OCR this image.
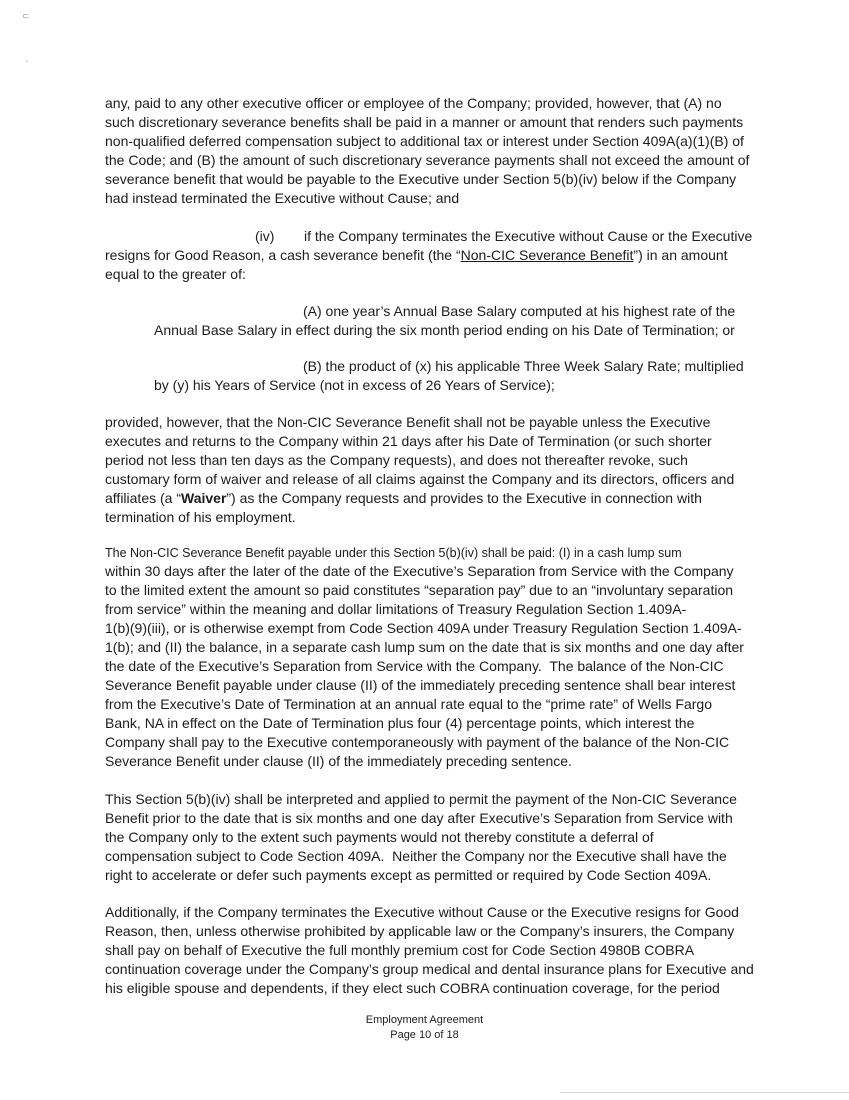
⊂
•
any, paid to any other executive officer or employee of the Company; provided, however, that (A) no
such discretionary severance benefits shall be paid in a manner or amount that renders such payments
non-qualified deferred compensation subject to additional tax or interest under Section 409A(a)(1)(B) of
the Code; and (B) the amount of such discretionary severance payments shall not exceed the amount of
severance benefit that would be payable to the Executive under Section 5(b)(iv) below if the Company
had instead terminated the Executive without Cause; and
(iv) if the Company terminates the Executive without Cause or the Executive
resigns for Good Reason, a cash severance benefit (the “Non-CIC Severance Benefit”) in an amount
equal to the greater of:
(A) one year’s Annual Base Salary computed at his highest rate of the
Annual Base Salary in effect during the six month period ending on his Date of Termination; or
(B) the product of (x) his applicable Three Week Salary Rate; multiplied
by (y) his Years of Service (not in excess of 26 Years of Service);
provided, however, that the Non-CIC Severance Benefit shall not be payable unless the Executive
executes and returns to the Company within 21 days after his Date of Termination (or such shorter
period not less than ten days as the Company requests), and does not thereafter revoke, such
customary form of waiver and release of all claims against the Company and its directors, officers and
affiliates (a “Waiver”) as the Company requests and provides to the Executive in connection with
termination of his employment.
The Non-CIC Severance Benefit payable under this Section 5(b)(iv) shall be paid: (I) in a cash lump sum
within 30 days after the later of the date of the Executive’s Separation from Service with the Company
to the limited extent the amount so paid constitutes “separation pay” due to an “involuntary separation
from service” within the meaning and dollar limitations of Treasury Regulation Section 1.409A-
1(b)(9)(iii), or is otherwise exempt from Code Section 409A under Treasury Regulation Section 1.409A-
1(b); and (II) the balance, in a separate cash lump sum on the date that is six months and one day after
the date of the Executive’s Separation from Service with the Company.  The balance of the Non-CIC
Severance Benefit payable under clause (II) of the immediately preceding sentence shall bear interest
from the Executive’s Date of Termination at an annual rate equal to the “prime rate” of Wells Fargo
Bank, NA in effect on the Date of Termination plus four (4) percentage points, which interest the
Company shall pay to the Executive contemporaneously with payment of the balance of the Non-CIC
Severance Benefit under clause (II) of the immediately preceding sentence.
This Section 5(b)(iv) shall be interpreted and applied to permit the payment of the Non-CIC Severance
Benefit prior to the date that is six months and one day after Executive’s Separation from Service with
the Company only to the extent such payments would not thereby constitute a deferral of
compensation subject to Code Section 409A.  Neither the Company nor the Executive shall have the
right to accelerate or defer such payments except as permitted or required by Code Section 409A.
Additionally, if the Company terminates the Executive without Cause or the Executive resigns for Good
Reason, then, unless otherwise prohibited by applicable law or the Company’s insurers, the Company
shall pay on behalf of Executive the full monthly premium cost for Code Section 4980B COBRA
continuation coverage under the Company’s group medical and dental insurance plans for Executive and
his eligible spouse and dependents, if they elect such COBRA continuation coverage, for the period
Employment Agreement
Page 10 of 18
